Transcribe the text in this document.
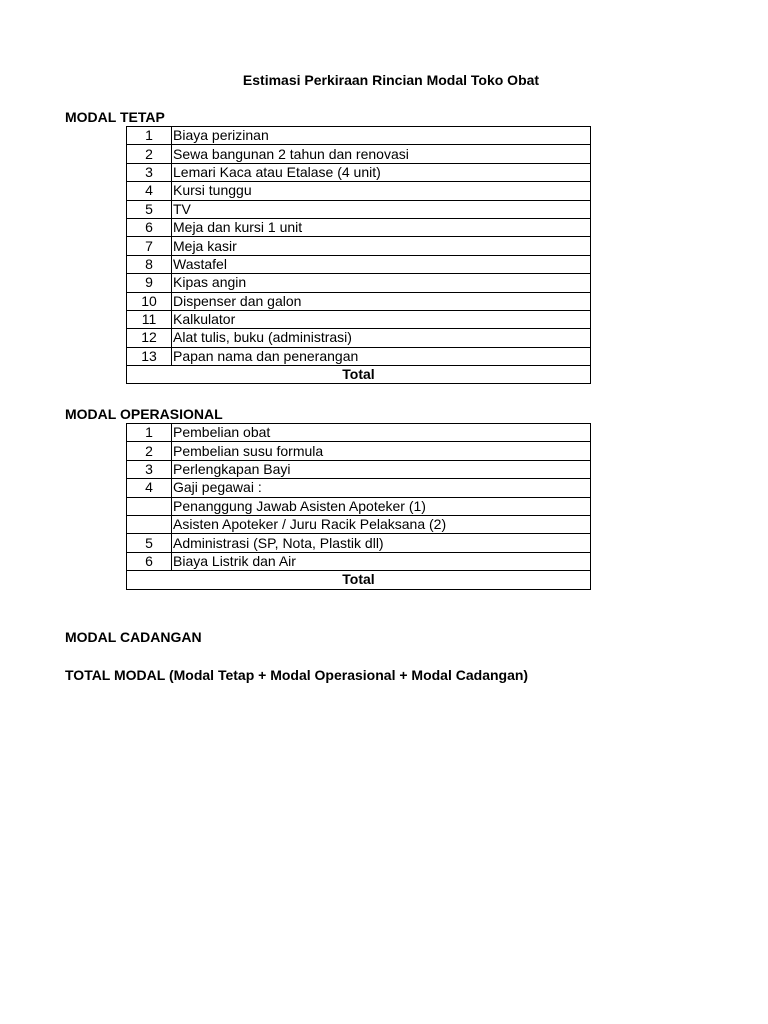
Estimasi Perkiraan Rincian Modal Toko Obat
MODAL TETAP
1	Biaya perizinan
2	Sewa bangunan 2 tahun dan renovasi
3	Lemari Kaca atau Etalase (4 unit)
4	Kursi tunggu
5	TV
6	Meja dan kursi 1 unit
7	Meja kasir
8	Wastafel
9	Kipas angin
10	Dispenser dan galon
11	Kalkulator
12	Alat tulis, buku (administrasi)
13	Papan nama dan penerangan
Total	
MODAL OPERASIONAL
1	Pembelian obat
2	Pembelian susu formula
3	Perlengkapan Bayi
4	Gaji pegawai :
	Penanggung Jawab Asisten Apoteker (1)
	Asisten Apoteker / Juru Racik Pelaksana (2)
5	Administrasi (SP, Nota, Plastik dll)
6	Biaya Listrik dan Air
Total	
MODAL CADANGAN
TOTAL MODAL (Modal Tetap + Modal Operasional + Modal Cadangan)
